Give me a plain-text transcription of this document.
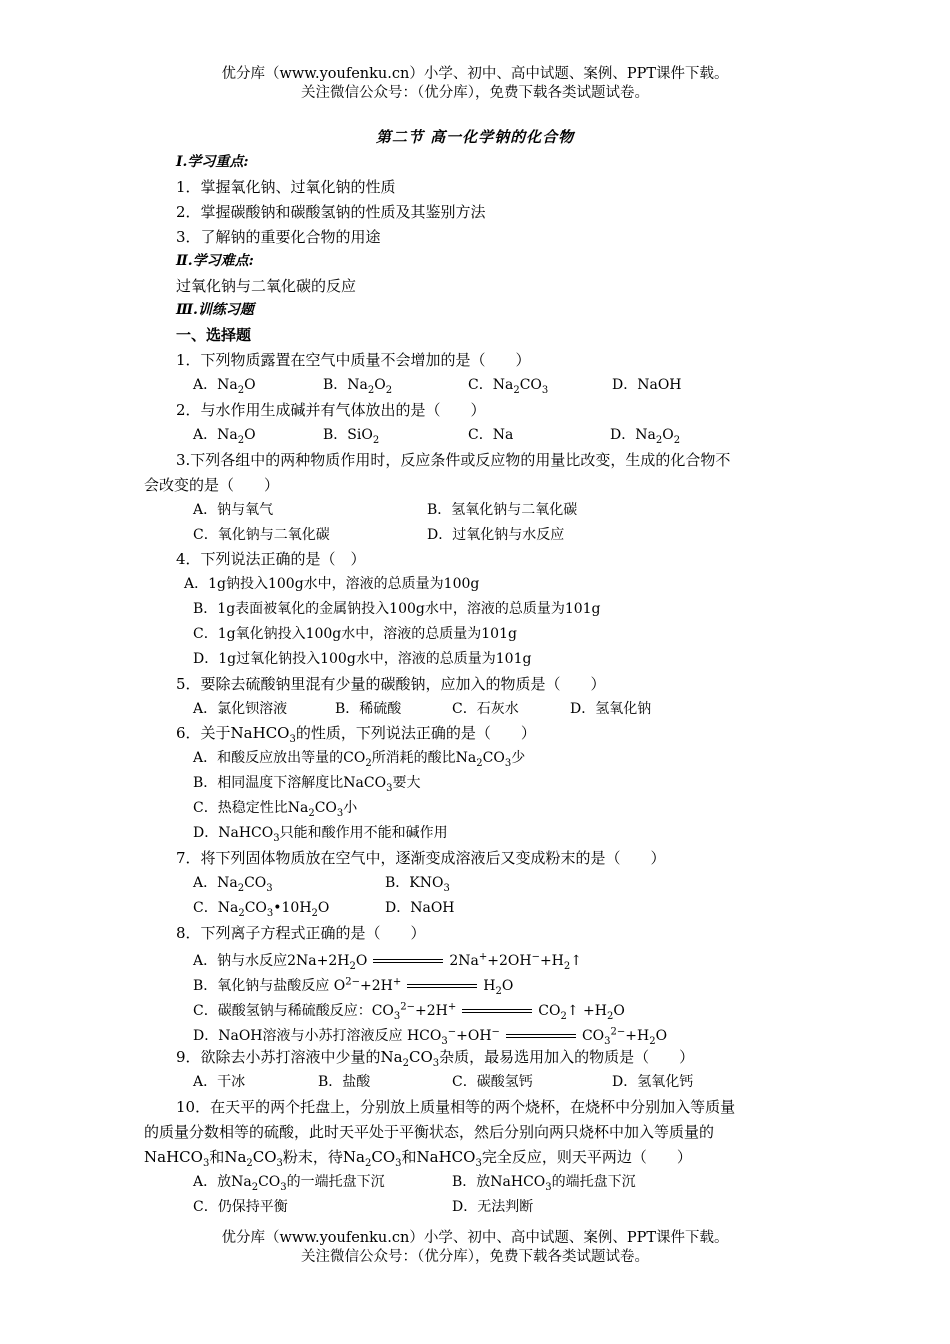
优分库（www.youfenku.cn）小学、初中、高中试题、案例、PPT课件下载。
关注微信公众号：（优分库），免费下载各类试题试卷。
第二节 高一化学钠的化合物
Ⅰ.学习重点:
1．掌握氧化钠、过氧化钠的性质
2．掌握碳酸钠和碳酸氢钠的性质及其鉴别方法
3．了解钠的重要化合物的用途
Ⅱ.学习难点:
过氧化钠与二氧化碳的反应
Ⅲ.训练习题
一、选择题
1．下列物质露置在空气中质量不会增加的是（　　）
A．$Na_2O$	B．$Na_2O_2$	C．$Na_2CO_3$	D．NaOH
2．与水作用生成碱并有气体放出的是（　　）
A．$Na_2O$	B．SiO$_2$	C．Na	D．$Na_2O_2$
3.下列各组中的两种物质作用时，反应条件或反应物的用量比改变，生成的化合物不
会改变的是（　　）
A．钠与氧气	B．氢氧化钠与二氧化碳
C．氧化钠与二氧化碳	D．过氧化钠与水反应
4．下列说法正确的是（　）
A．1g钠投入100g水中，溶液的总质量为100g
B．1g表面被氧化的金属钠投入100g水中，溶液的总质量为101g
C．1g氧化钠投入100g水中，溶液的总质量为101g
D．1g过氧化钠投入100g水中，溶液的总质量为101g
5．要除去硫酸钠里混有少量的碳酸钠，应加入的物质是（　　）
A．氯化钡溶液	B．稀硫酸	C．石灰水	D．氢氧化钠
6．关于NaHCO$_3$的性质，下列说法正确的是（　　）
A．和酸反应放出等量的$CO_2$所消耗的酸比$Na_2CO_3$少
B．相同温度下溶解度比NaCO$_3$要大
C．热稳定性比$Na_2CO_3$小
D．NaHCO$_3$只能和酸作用不能和碱作用
7．将下列固体物质放在空气中，逐渐变成溶液后又变成粉末的是（　　）
A．$Na_2CO_3$	B．$KNO_3$
C．$Na_2CO_3•10H_2O$	D．NaOH
8．下列离子方程式正确的是（　　）
A．钠与水反应$2Na+2H_2O$	$2Na^++2OH^-+H_2↑$
B．氧化钠与盐酸反应 $O^{2-}+2H^+$	$H_2O$
C．碳酸氢钠与稀硫酸反应：$CO_3^{2-}+2H^+$	$CO_2↑ +H_2O$
D．NaOH溶液与小苏打溶液反应 $HCO_3^-+OH^-$	$CO_3^{2-}+H_2O$
9．欲除去小苏打溶液中少量的$Na_2CO_3$杂质，最易选用加入的物质是（　　）
A．干冰	B．盐酸	C．碳酸氢钙	D．氢氧化钙
10．在天平的两个托盘上，分别放上质量相等的两个烧杯，在烧杯中分别加入等质量
的质量分数相等的硫酸，此时天平处于平衡状态，然后分别向两只烧杯中加入等质量的
NaHCO$_3$和$Na_2CO_3$粉末，待$Na_2CO_3$和NaHCO$_3$完全反应，则天平两边（　　）
A．放$Na_2CO_3$的一端托盘下沉	B．放NaHCO$_3$的端托盘下沉
C．仍保持平衡	D．无法判断
优分库（www.youfenku.cn）小学、初中、高中试题、案例、PPT课件下载。
关注微信公众号：（优分库），免费下载各类试题试卷。
